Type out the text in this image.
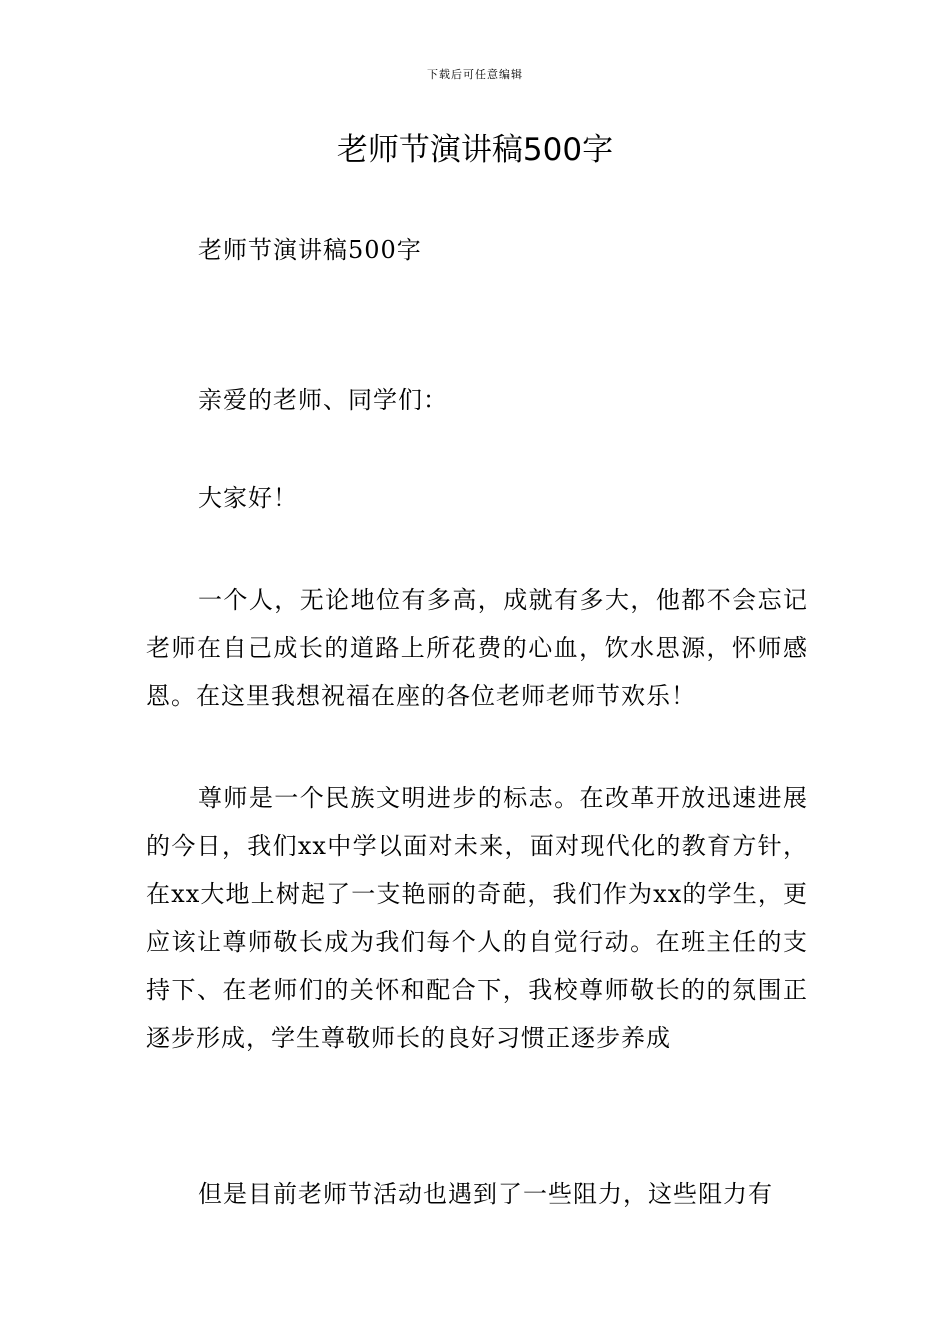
下载后可任意编辑
老师节演讲稿500字

老师节演讲稿500字

亲爱的老师、同学们：

大家好！

一个人，无论地位有多高，成就有多大，他都不会忘记老师在自己成长的道路上所花费的心血，饮水思源，怀师感恩。在这里我想祝福在座的各位老师老师节欢乐！

尊师是一个民族文明进步的标志。在改革开放迅速进展的今日，我们xx中学以面对未来，面对现代化的教育方针，在xx大地上树起了一支艳丽的奇葩，我们作为xx的学生，更应该让尊师敬长成为我们每个人的自觉行动。在班主任的支持下、在老师们的关怀和配合下，我校尊师敬长的的氛围正逐步形成，学生尊敬师长的良好习惯正逐步养成

但是目前老师节活动也遇到了一些阻力，这些阻力有
